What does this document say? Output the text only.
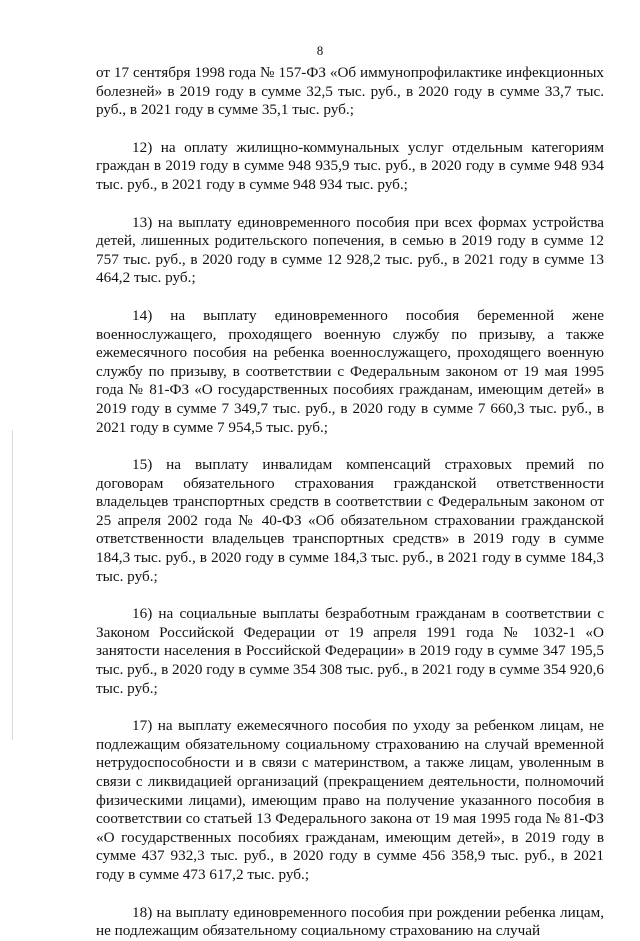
8

от 17 сентября 1998 года № 157-ФЗ «Об иммунопрофилактике инфекционных болезней» в 2019 году в сумме 32,5 тыс. руб., в 2020 году в сумме 33,7 тыс. руб., в 2021 году в сумме 35,1 тыс. руб.;

12) на оплату жилищно-коммунальных услуг отдельным категориям граждан в 2019 году в сумме 948 935,9 тыс. руб., в 2020 году в сумме 948 934 тыс. руб., в 2021 году в сумме 948 934 тыс. руб.;

13) на выплату единовременного пособия при всех формах устройства детей, лишенных родительского попечения, в семью в 2019 году в сумме 12 757 тыс. руб., в 2020 году в сумме 12 928,2 тыс. руб., в 2021 году в сумме 13 464,2 тыс. руб.;

14) на выплату единовременного пособия беременной жене военнослужащего, проходящего военную службу по призыву, а также ежемесячного пособия на ребенка военнослужащего, проходящего военную службу по призыву, в соответствии с Федеральным законом от 19 мая 1995 года № 81-ФЗ «О государственных пособиях гражданам, имеющим детей» в 2019 году в сумме 7 349,7 тыс. руб., в 2020 году в сумме 7 660,3 тыс. руб., в 2021 году в сумме 7 954,5 тыс. руб.;

15) на выплату инвалидам компенсаций страховых премий по договорам обязательного страхования гражданской ответственности владельцев транспортных средств в соответствии с Федеральным законом от 25 апреля 2002 года № 40-ФЗ «Об обязательном страховании гражданской ответственности владельцев транспортных средств» в 2019 году в сумме 184,3 тыс. руб., в 2020 году в сумме 184,3 тыс. руб., в 2021 году в сумме 184,3 тыс. руб.;

16) на социальные выплаты безработным гражданам в соответствии с Законом Российской Федерации от 19 апреля 1991 года № 1032-1 «О занятости населения в Российской Федерации» в 2019 году в сумме 347 195,5 тыс. руб., в 2020 году в сумме 354 308 тыс. руб., в 2021 году в сумме 354 920,6 тыс. руб.;

17) на выплату ежемесячного пособия по уходу за ребенком лицам, не подлежащим обязательному социальному страхованию на случай временной нетрудоспособности и в связи с материнством, а также лицам, уволенным в связи с ликвидацией организаций (прекращением деятельности, полномочий физическими лицами), имеющим право на получение указанного пособия в соответствии со статьей 13 Федерального закона от 19 мая 1995 года № 81-ФЗ «О государственных пособиях гражданам, имеющим детей», в 2019 году в сумме 437 932,3 тыс. руб., в 2020 году в сумме 456 358,9 тыс. руб., в 2021 году в сумме 473 617,2 тыс. руб.;

18) на выплату единовременного пособия при рождении ребенка лицам, не подлежащим обязательному социальному страхованию на случай
